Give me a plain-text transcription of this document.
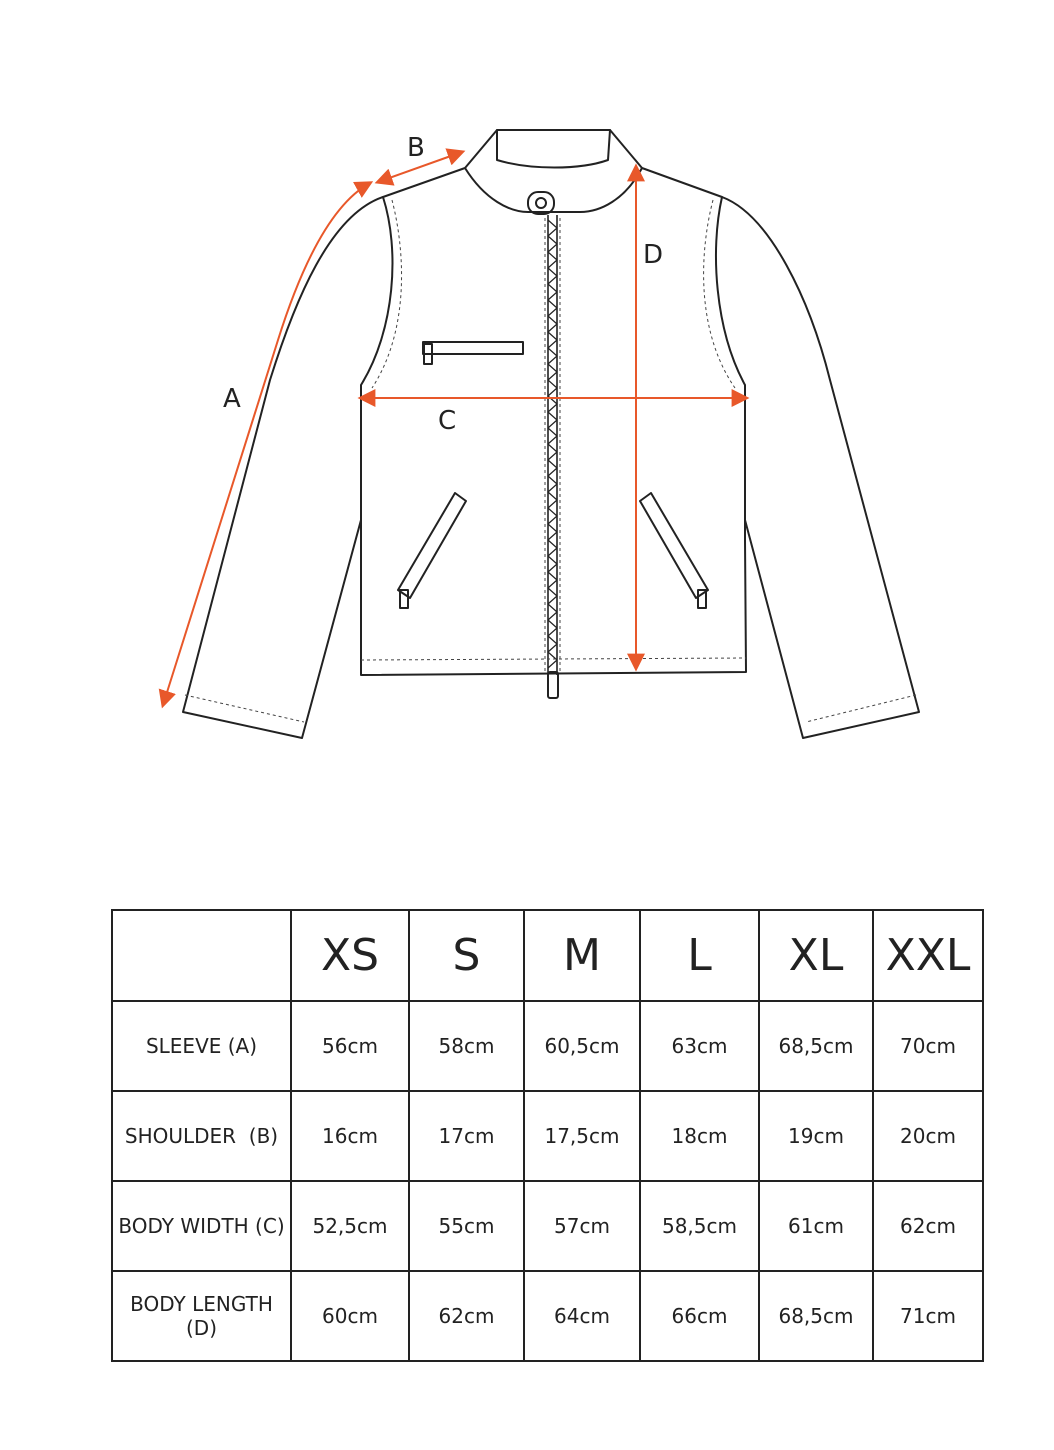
A
B
C
D
	XS	S	M	L	XL	XXL
SLEEVE (A)	56cm	58cm	60,5cm	63cm	68,5cm	70cm
SHOULDER  (B)	16cm	17cm	17,5cm	18cm	19cm	20cm
BODY WIDTH (C)	52,5cm	55cm	57cm	58,5cm	61cm	62cm
BODY LENGTH (D)	60cm	62cm	64cm	66cm	68,5cm	71cm
